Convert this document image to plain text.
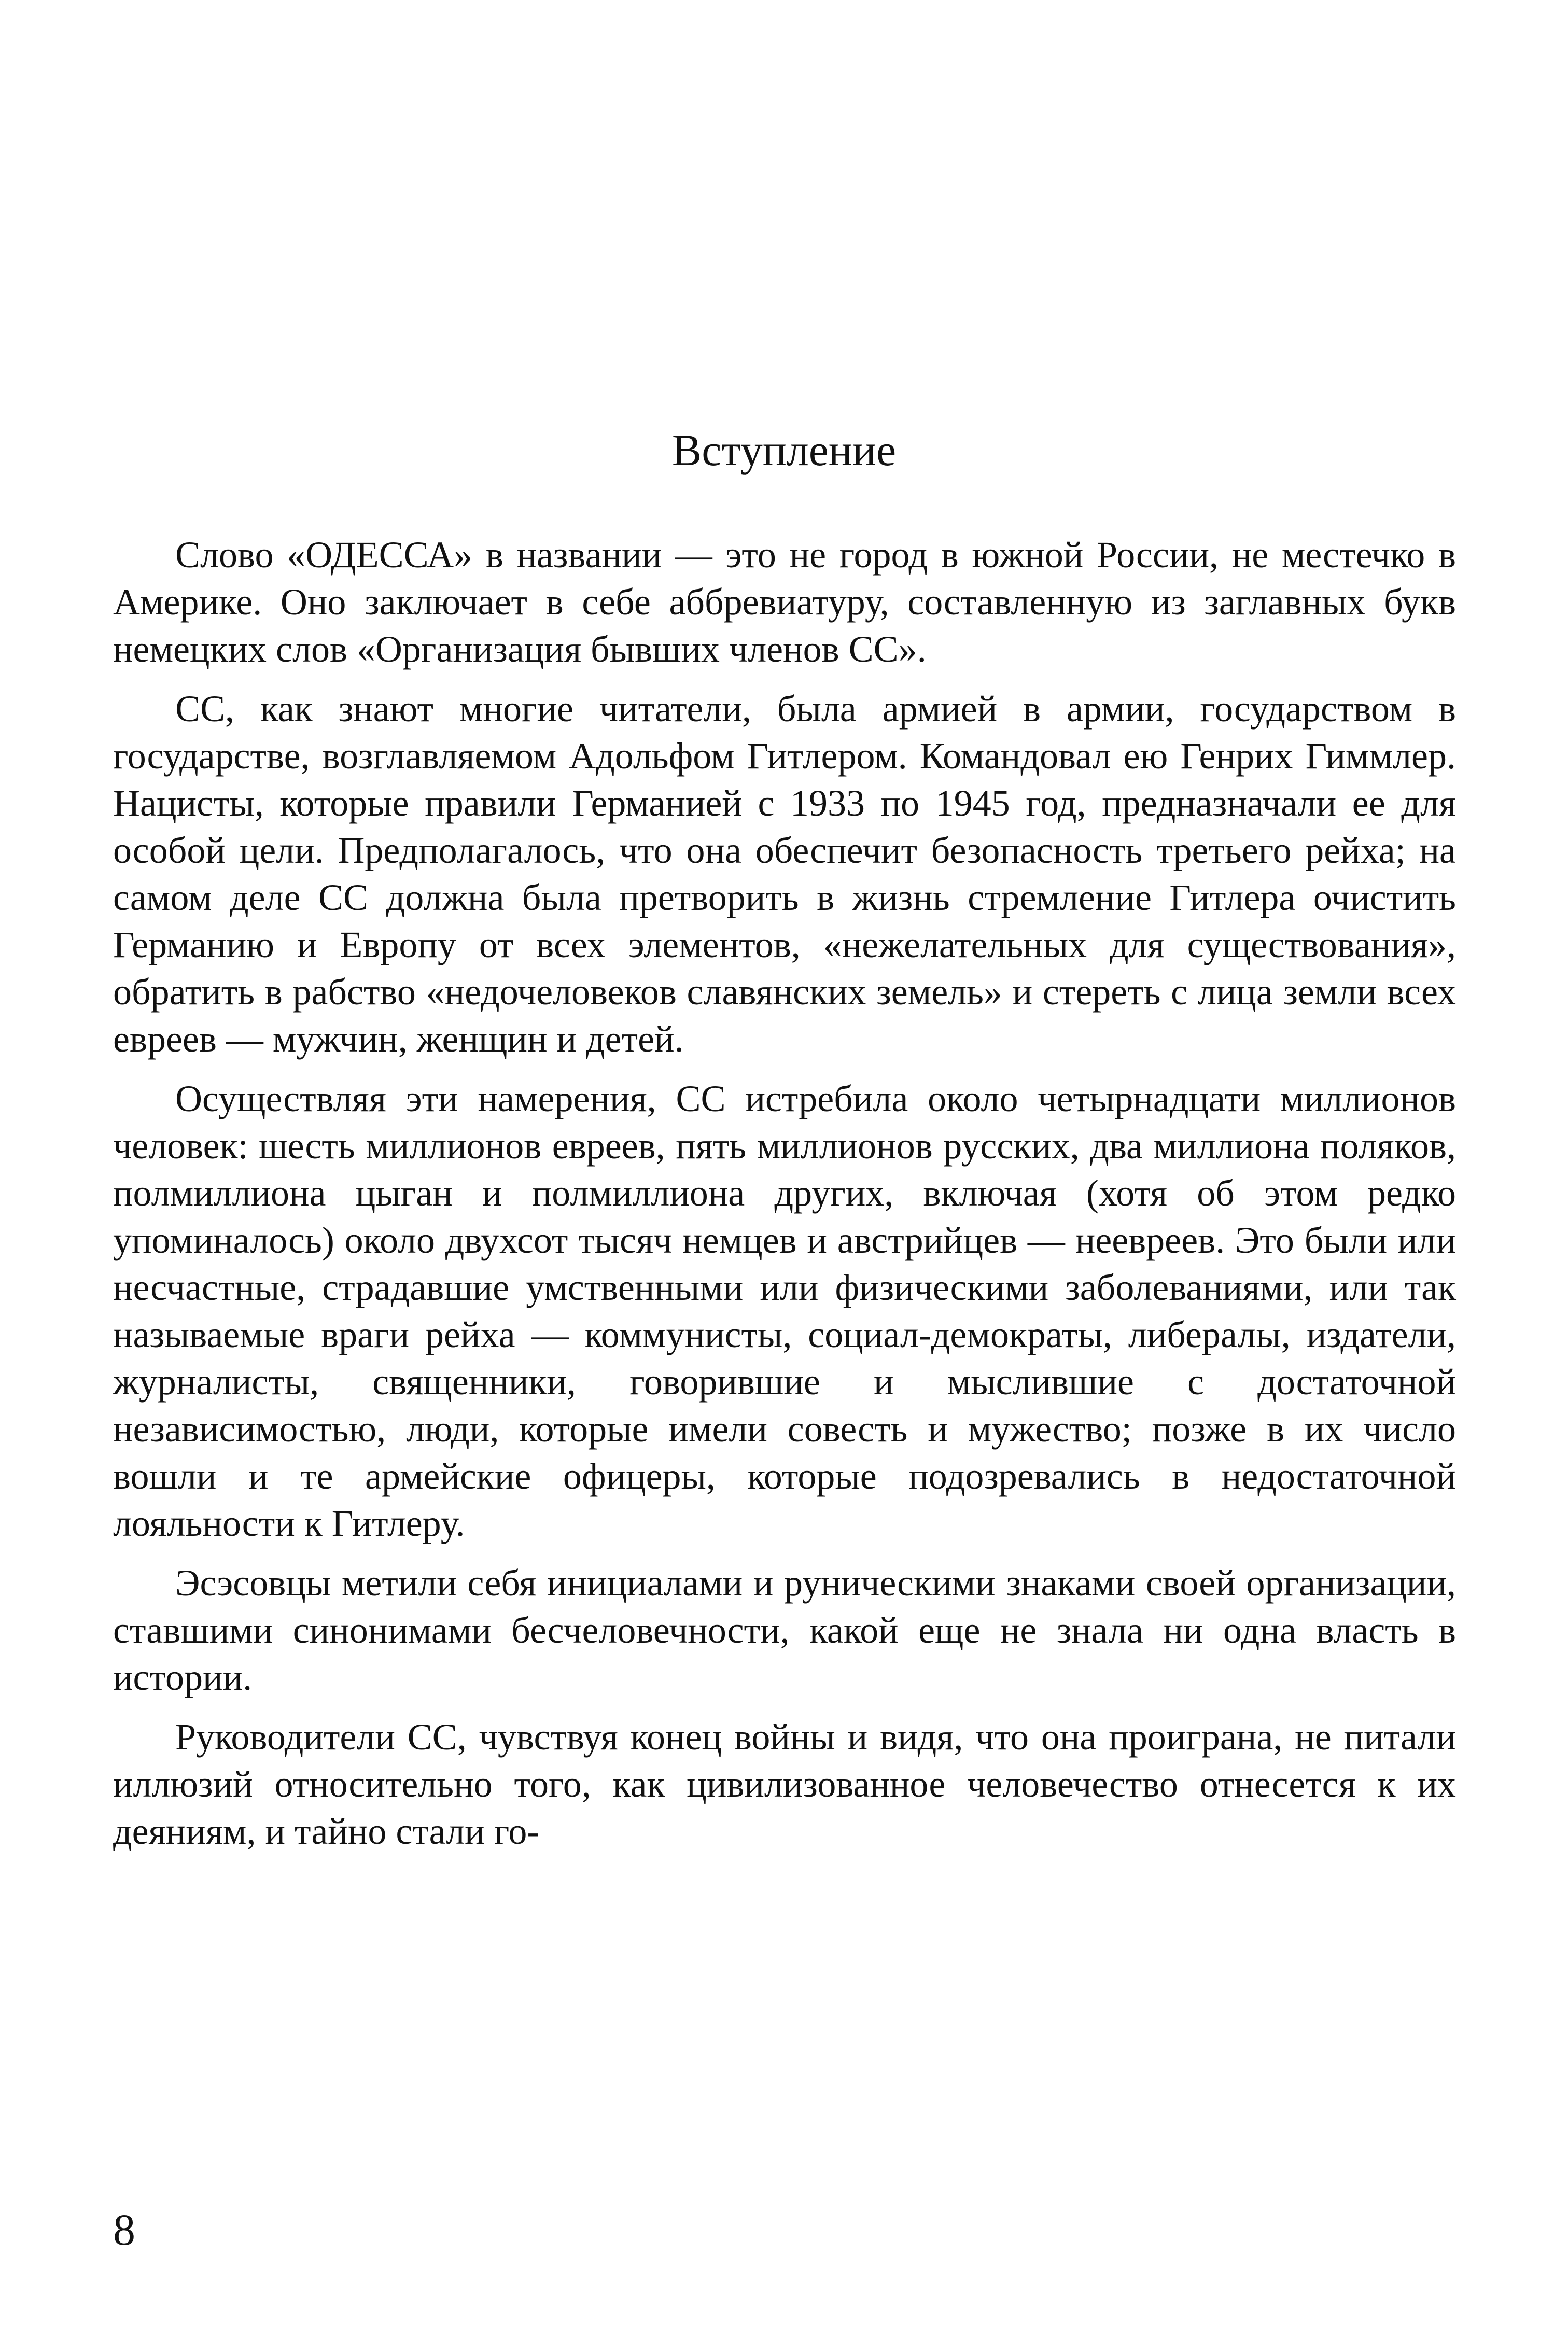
Вступление

Слово «ОДЕССА» в названии — это не город в южной России, не местечко в Америке. Оно заключает в себе аббревиатуру, составленную из заглавных букв немецких слов «Организация бывших членов СС».

СС, как знают многие читатели, была армией в армии, государством в государстве, возглавляемом Адольфом Гитлером. Командовал ею Генрих Гиммлер. Нацисты, которые правили Германией с 1933 по 1945 год, предназначали ее для особой цели. Предполагалось, что она обеспечит безопасность третьего рейха; на самом деле СС должна была претворить в жизнь стремление Гитлера очистить Германию и Европу от всех элементов, «нежелательных для существования», обратить в рабство «недочеловеков славянских земель» и стереть с лица земли всех евреев — мужчин, женщин и детей.

Осуществляя эти намерения, СС истребила около четырнадцати миллионов человек: шесть миллионов евреев, пять миллионов русских, два миллиона поляков, полмиллиона цыган и полмиллиона других, включая (хотя об этом редко упоминалось) около двухсот тысяч немцев и австрийцев — неевреев. Это были или несчастные, страдавшие умственными или физическими заболеваниями, или так называемые враги рейха — коммунисты, социал-демократы, либералы, издатели, журналисты, священники, говорившие и мыслившие с достаточной независимостью, люди, которые имели совесть и мужество; позже в их число вошли и те армейские офицеры, которые подозревались в недостаточной лояльности к Гитлеру.

Эсэсовцы метили себя инициалами и руническими знаками своей организации, ставшими синонимами бесчеловечности, какой еще не знала ни одна власть в истории.

Руководители СС, чувствуя конец войны и видя, что она проиграна, не питали иллюзий относительно того, как цивилизованное человечество отнесется к их деяниям, и тайно стали го-

8
